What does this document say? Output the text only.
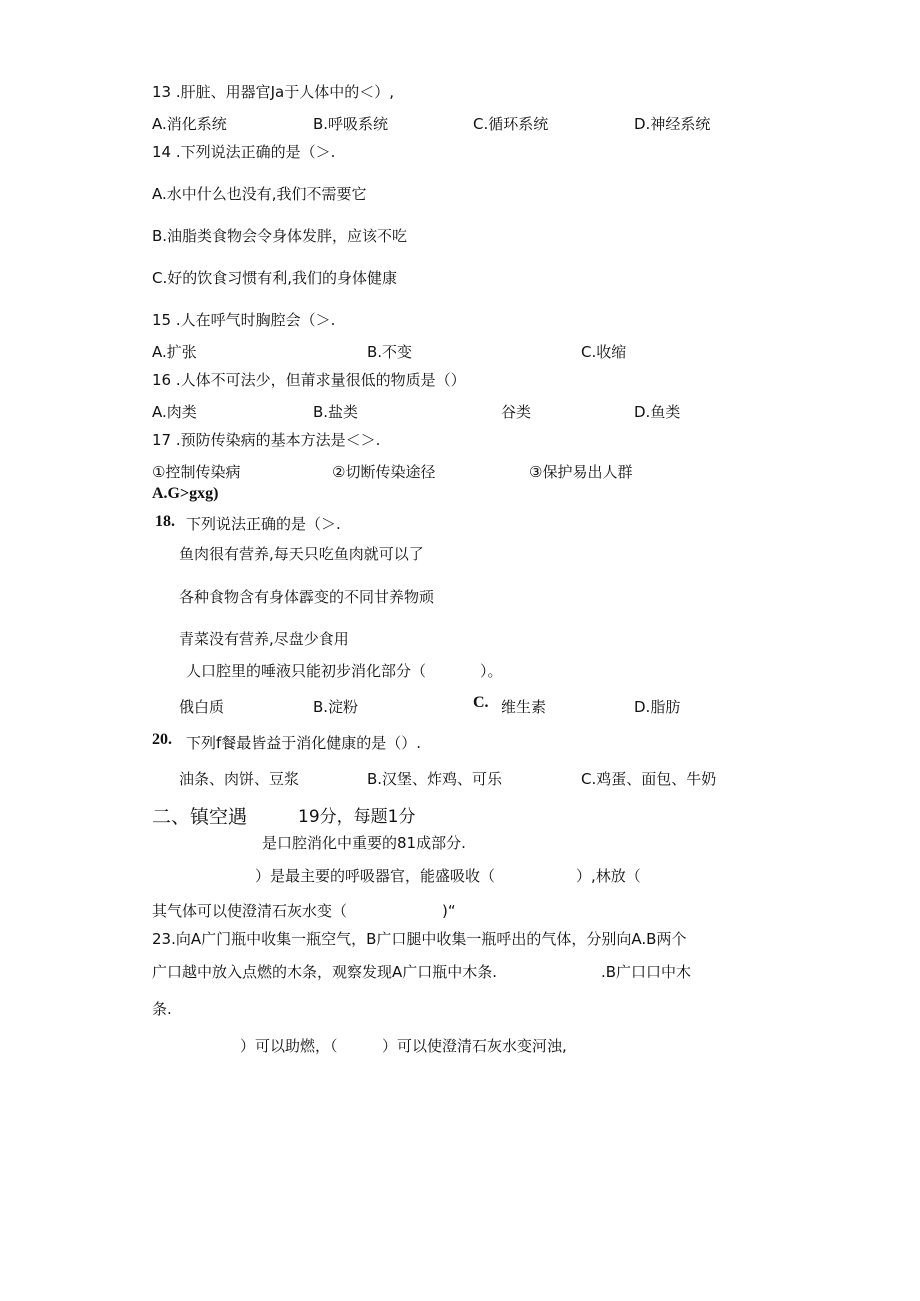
13 .肝脏、用器官Ja于人体中的＜）,
A.消化系统	B.呼吸系统	C.循环系统	D.神经系统
14 .下列说法正确的是（＞.
A.水中什么也没有,我们不需要它
B.油脂类食物会令身体发胖，应该不吃
C.好的饮食习惯有利,我们的身体健康
15 .人在呼气时胸腔会（＞.
A.扩张	B.不变	C.收缩
16 .人体不可法少，但莆求量很低的物质是（）
A.肉类	B.盐类	谷类	D.鱼类
17 .预防传染病的基本方法是＜＞.
①控制传染病	②切断传染途径	③保护易出人群
A.G>gxg)
18. 下列说法正确的是（＞.
鱼肉很有营养,每天只吃鱼肉就可以了
各种食物含有身体霹变的不同甘养物顽
青菜没有营养,尽盘少食用
人口腔里的唾液只能初步消化部分（	）。
俄白质	B.淀粉	C. 维生素	D.脂肪
20. 下列f餐最皆益于消化健康的是（）.
油条、肉饼、豆浆	B.汉堡、炸鸡、可乐	C.鸡蛋、面包、牛奶
二、镇空遇	19分，每题1分
是口腔消化中重要的81成部分.
）是最主要的呼吸器官，能盛吸收（	）,林放（
其气体可以使澄清石灰水变（	)“
23.向A广门瓶中收集一瓶空气，B广口腿中收集一瓶呼出的气体，分别向A.B两个
广口越中放入点燃的木条，观察发现A广口瓶中木条.	.B广口口中木
条.
）可以助燃，（	）可以使澄清石灰水变河浊,
